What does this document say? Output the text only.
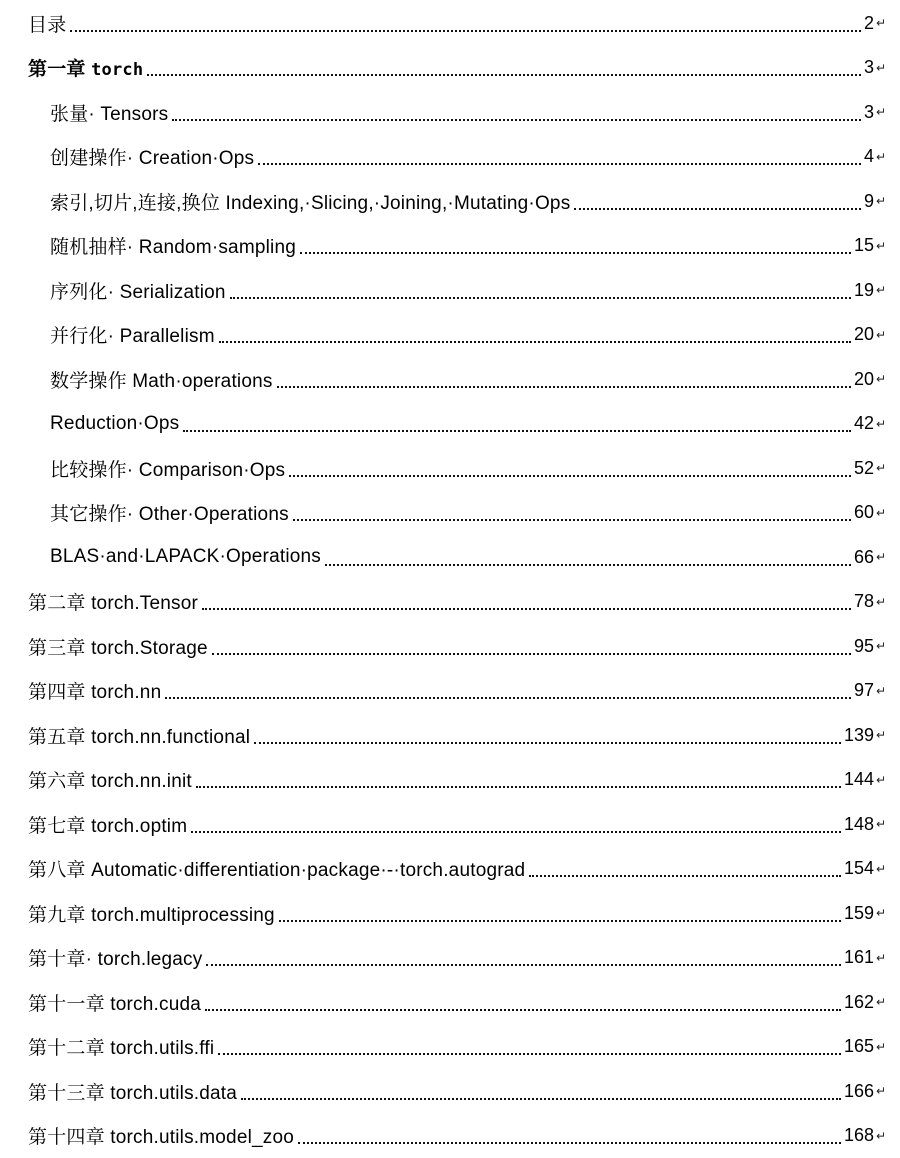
目录	2 ↵
第一章 torch	3 ↵
张量· Tensors	3 ↵
创建操作· Creation·Ops	4 ↵
索引,切片,连接,换位 Indexing,·Slicing,·Joining,·Mutating·Ops	9 ↵
随机抽样· Random·sampling	15 ↵
序列化· Serialization	19 ↵
并行化· Parallelism	20 ↵
数学操作 Math·operations	20 ↵
Reduction·Ops	42 ↵
比较操作· Comparison·Ops	52 ↵
其它操作· Other·Operations	60 ↵
BLAS·and·LAPACK·Operations	66 ↵
第二章 torch.Tensor	78 ↵
第三章 torch.Storage	95 ↵
第四章 torch.nn	97 ↵
第五章 torch.nn.functional	139 ↵
第六章 torch.nn.init	144 ↵
第七章 torch.optim	148 ↵
第八章 Automatic·differentiation·package·-·torch.autograd	154 ↵
第九章 torch.multiprocessing	159 ↵
第十章· torch.legacy	161 ↵
第十一章 torch.cuda	162 ↵
第十二章 torch.utils.ffi	165 ↵
第十三章 torch.utils.data	166 ↵
第十四章 torch.utils.model_zoo	168 ↵
